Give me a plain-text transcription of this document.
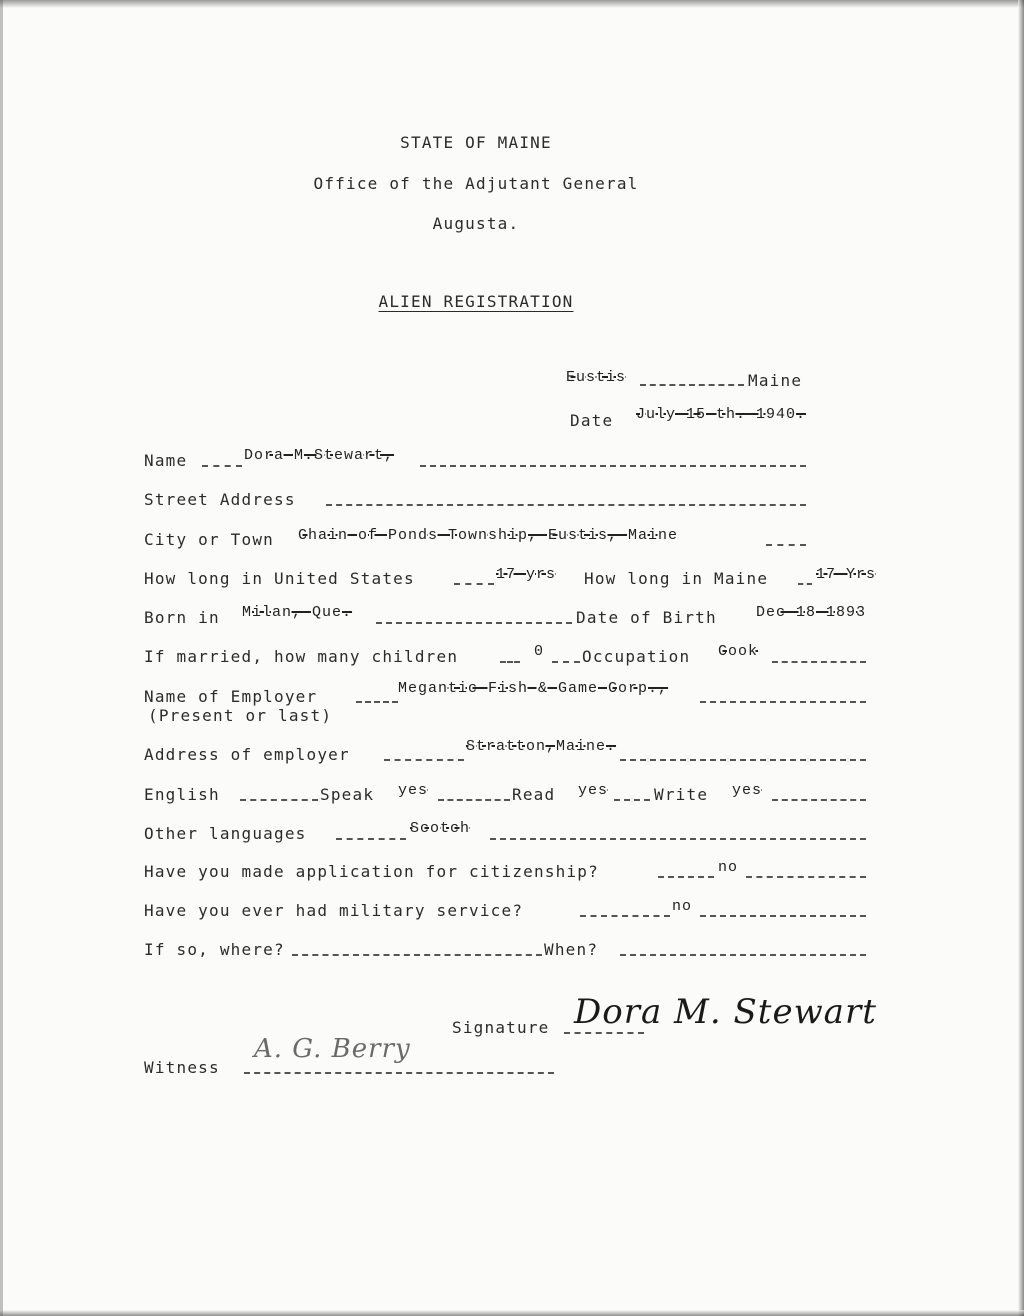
STATE OF MAINE
Office of the Adjutant General
Augusta.
ALIEN REGISTRATION
Eustis	Maine
Date July 15 th. 1940.
Name	Dora M.Stewart,
Street Address
City or Town Chain of Ponds Township, Eustis, Maine
How long in United States	17 yrs How long in Maine	17 Yrs
Born in Milan, Que.	Date of Birth	Dec 18 1893
If married, how many children	0 Occupation Cook
Name of Employer
(Present or last)
Megantic Fish & Game Corp.,
Address of employer	Stratton,Maine.
English	Speak yes	Read yes	Write yes
Other languages	Scotch
Have you made application for citizenship?	no
Have you ever had military service?	no
If so, where?	When?
Signature Dora M. Stewart
Witness
A. G. Berry
